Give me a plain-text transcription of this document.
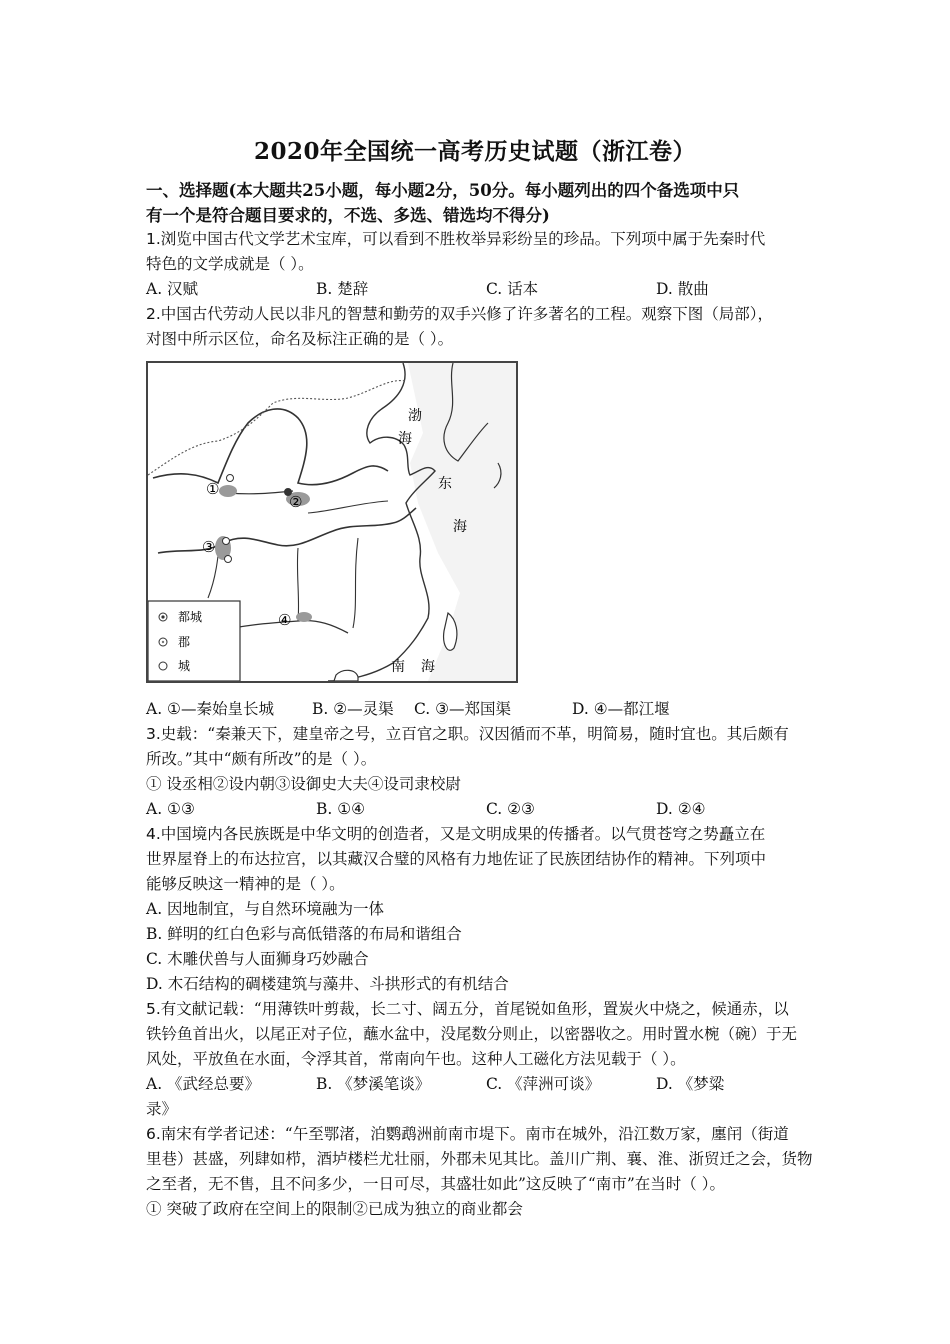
2020年全国统一高考历史试题（浙江卷）
一、选择题(本大题共25小题，每小题2分，50分。每小题列出的四个备选项中只
有一个是符合题目要求的，不选、多选、错选均不得分)
1.浏览中国古代文学艺术宝库，可以看到不胜枚举异彩纷呈的珍品。下列项中属于先秦时代
特色的文学成就是（ ）。
A. 汉赋	B. 楚辞	C. 话本	D. 散曲
2.中国古代劳动人民以非凡的智慧和勤劳的双手兴修了许多著名的工程。观察下图（局部），
对图中所示区位，命名及标注正确的是（ ）。
①
②
③
④
渤
海
东
海
南 海
都城
郡
城
A. ①—秦始皇长城	B. ②—灵渠	C. ③—郑国渠	D. ④—都江堰
3.史载：“秦兼天下，建皇帝之号，立百官之职。汉因循而不革，明简易，随时宜也。其后颇有
所改。”其中“颇有所改”的是（ ）。
① 设丞相②设内朝③设御史大夫④设司隶校尉
A. ①③	B. ①④	C. ②③	D. ②④
4.中国境内各民族既是中华文明的创造者，又是文明成果的传播者。以气贯苍穹之势矗立在
世界屋脊上的布达拉宫，以其藏汉合璧的风格有力地佐证了民族团结协作的精神。下列项中
能够反映这一精神的是（ ）。
A. 因地制宜，与自然环境融为一体
B. 鲜明的红白色彩与高低错落的布局和谐组合
C. 木雕伏兽与人面狮身巧妙融合
D. 木石结构的碉楼建筑与藻井、斗拱形式的有机结合
5.有文献记载：“用薄铁叶剪裁，长二寸、阔五分，首尾锐如鱼形，置炭火中烧之，候通赤，以
铁钤鱼首出火，以尾正对子位，蘸水盆中，没尾数分则止，以密器收之。用时置水椀（碗）于无
风处，平放鱼在水面，令浮其首，常南向午也。这种人工磁化方法见载于（ ）。
A. 《武经总要》	B. 《梦溪笔谈》	C. 《萍洲可谈》	D. 《梦粱
录》
6.南宋有学者记述：“午至鄂渚，泊鹦鹉洲前南市堤下。南市在城外，沿江数万家，廛闬（街道
里巷）甚盛，列肆如栉，酒垆楼栏尤壮丽，外郡未见其比。盖川广荆、襄、淮、浙贸迁之会，货物
之至者，无不售，且不问多少，一日可尽，其盛壮如此”这反映了“南市”在当时（ ）。
① 突破了政府在空间上的限制②已成为独立的商业都会
